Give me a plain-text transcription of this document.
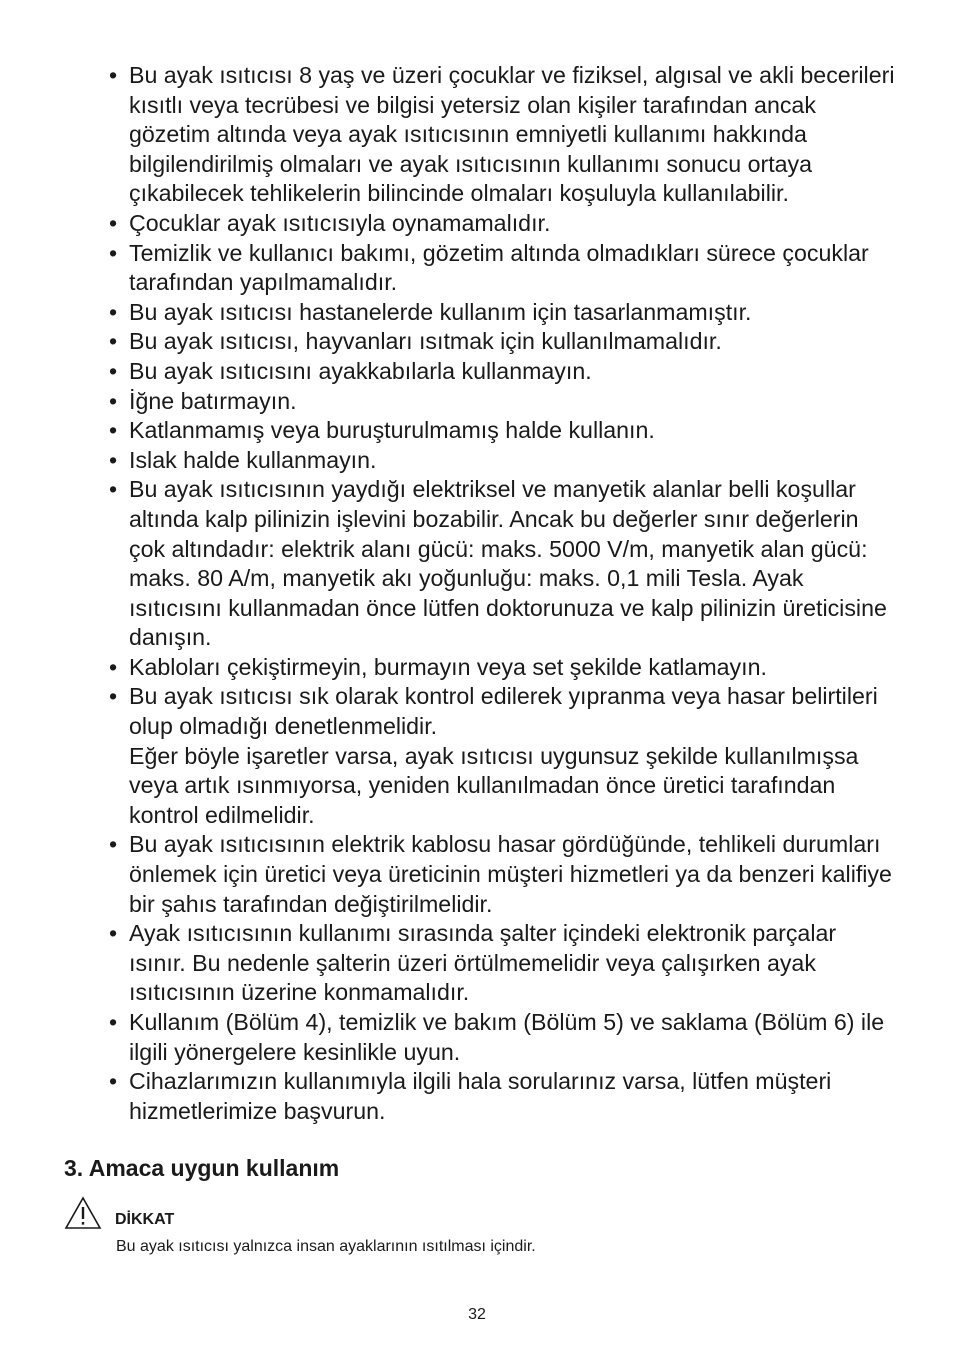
• Bu ayak ısıtıcısı 8 yaş ve üzeri çocuklar ve fiziksel, algısal ve akli becerileri kısıtlı veya tecrübesi ve bilgisi yetersiz olan kişiler tarafından ancak gözetim altında veya ayak ısıtıcısının emniyetli kullanımı hakkında bilgilendirilmiş olmaları ve ayak ısıtıcısının kullanımı sonucu ortaya çıkabilecek tehlikelerin bilincinde olmaları koşuluyla kullanılabilir.
• Çocuklar ayak ısıtıcısıyla oynamamalıdır.
• Temizlik ve kullanıcı bakımı, gözetim altında olmadıkları sürece çocuklar tarafından yapılmamalıdır.
• Bu ayak ısıtıcısı hastanelerde kullanım için tasarlanmamıştır.
• Bu ayak ısıtıcısı, hayvanları ısıtmak için kullanılmamalıdır.
• Bu ayak ısıtıcısını ayakkabılarla kullanmayın.
• İğne batırmayın.
• Katlanmamış veya buruşturulmamış halde kullanın.
• Islak halde kullanmayın.
• Bu ayak ısıtıcısının yaydığı elektriksel ve manyetik alanlar belli koşullar altında kalp pilinizin işlevini bozabilir. Ancak bu değerler sınır değerlerin çok altındadır: elektrik alanı gücü: maks. 5000 V/m, manyetik alan gücü: maks. 80 A/m, manyetik akı yoğunluğu: maks. 0,1 mili Tesla. Ayak ısıtıcısını kullanmadan önce lütfen doktorunuza ve kalp pilinizin üreticisine danışın.
• Kabloları çekiştirmeyin, burmayın veya set şekilde katlamayın.
• Bu ayak ısıtıcısı sık olarak kontrol edilerek yıpranma veya hasar belirtileri olup olmadığı denetlenmelidir.
Eğer böyle işaretler varsa, ayak ısıtıcısı uygunsuz şekilde kullanılmışsa veya artık ısınmıyorsa, yeniden kullanılmadan önce üretici tarafından kontrol edilmelidir.
• Bu ayak ısıtıcısının elektrik kablosu hasar gördüğünde, tehlikeli durumları önlemek için üretici veya üreticinin müşteri hizmetleri ya da benzeri kalifiye bir şahıs tarafından değiştirilmelidir.
• Ayak ısıtıcısının kullanımı sırasında şalter içindeki elektronik parçalar ısınır. Bu nedenle şalterin üzeri örtülmemelidir veya çalışırken ayak ısıtıcısının üzerine konmamalıdır.
• Kullanım (Bölüm 4), temizlik ve bakım (Bölüm 5) ve saklama (Bölüm 6) ile ilgili yönergelere kesinlikle uyun.
• Cihazlarımızın kullanımıyla ilgili hala sorularınız varsa, lütfen müşteri hizmetlerimize başvurun.
3. Amaca uygun kullanım
DİKKAT
Bu ayak ısıtıcısı yalnızca insan ayaklarının ısıtılması içindir.
32
